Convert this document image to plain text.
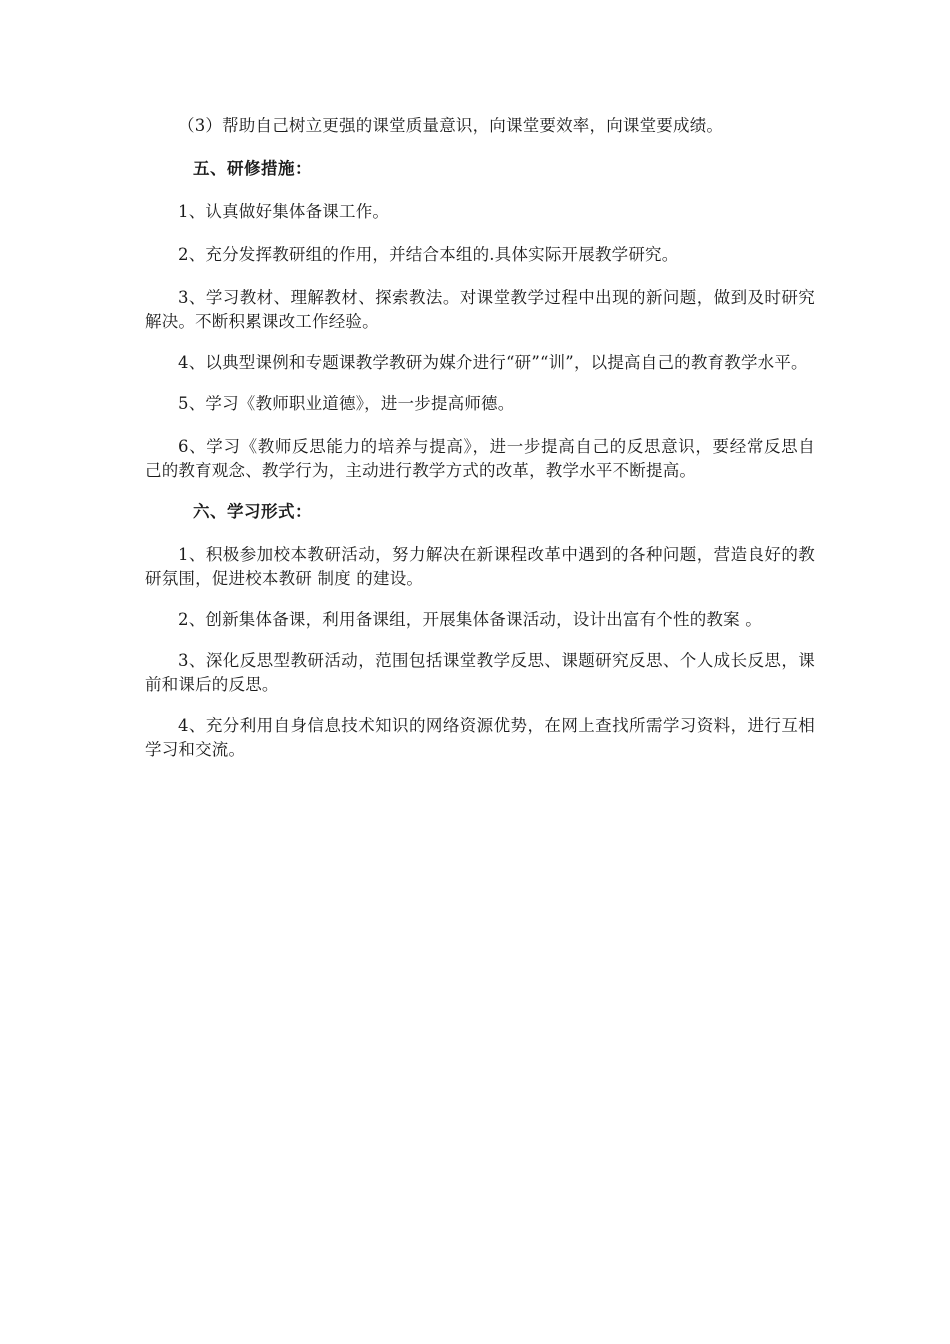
（3）帮助自己树立更强的课堂质量意识，向课堂要效率，向课堂要成绩。

五、研修措施：

1、认真做好集体备课工作。

2、充分发挥教研组的作用，并结合本组的.具体实际开展教学研究。

3、学习教材、理解教材、探索教法。对课堂教学过程中出现的新问题，做到及时研究解决。不断积累课改工作经验。

4、以典型课例和专题课教学教研为媒介进行“研”“训”，以提高自己的教育教学水平。

5、学习《教师职业道德》，进一步提高师德。

6、学习《教师反思能力的培养与提高》，进一步提高自己的反思意识，要经常反思自己的教育观念、教学行为，主动进行教学方式的改革，教学水平不断提高。

六、学习形式：

1、积极参加校本教研活动，努力解决在新课程改革中遇到的各种问题，营造良好的教研氛围，促进校本教研 制度 的建设。

2、创新集体备课，利用备课组，开展集体备课活动，设计出富有个性的教案 。

3、深化反思型教研活动，范围包括课堂教学反思、课题研究反思、个人成长反思，课前和课后的反思。

4、充分利用自身信息技术知识的网络资源优势，在网上查找所需学习资料，进行互相学习和交流。
